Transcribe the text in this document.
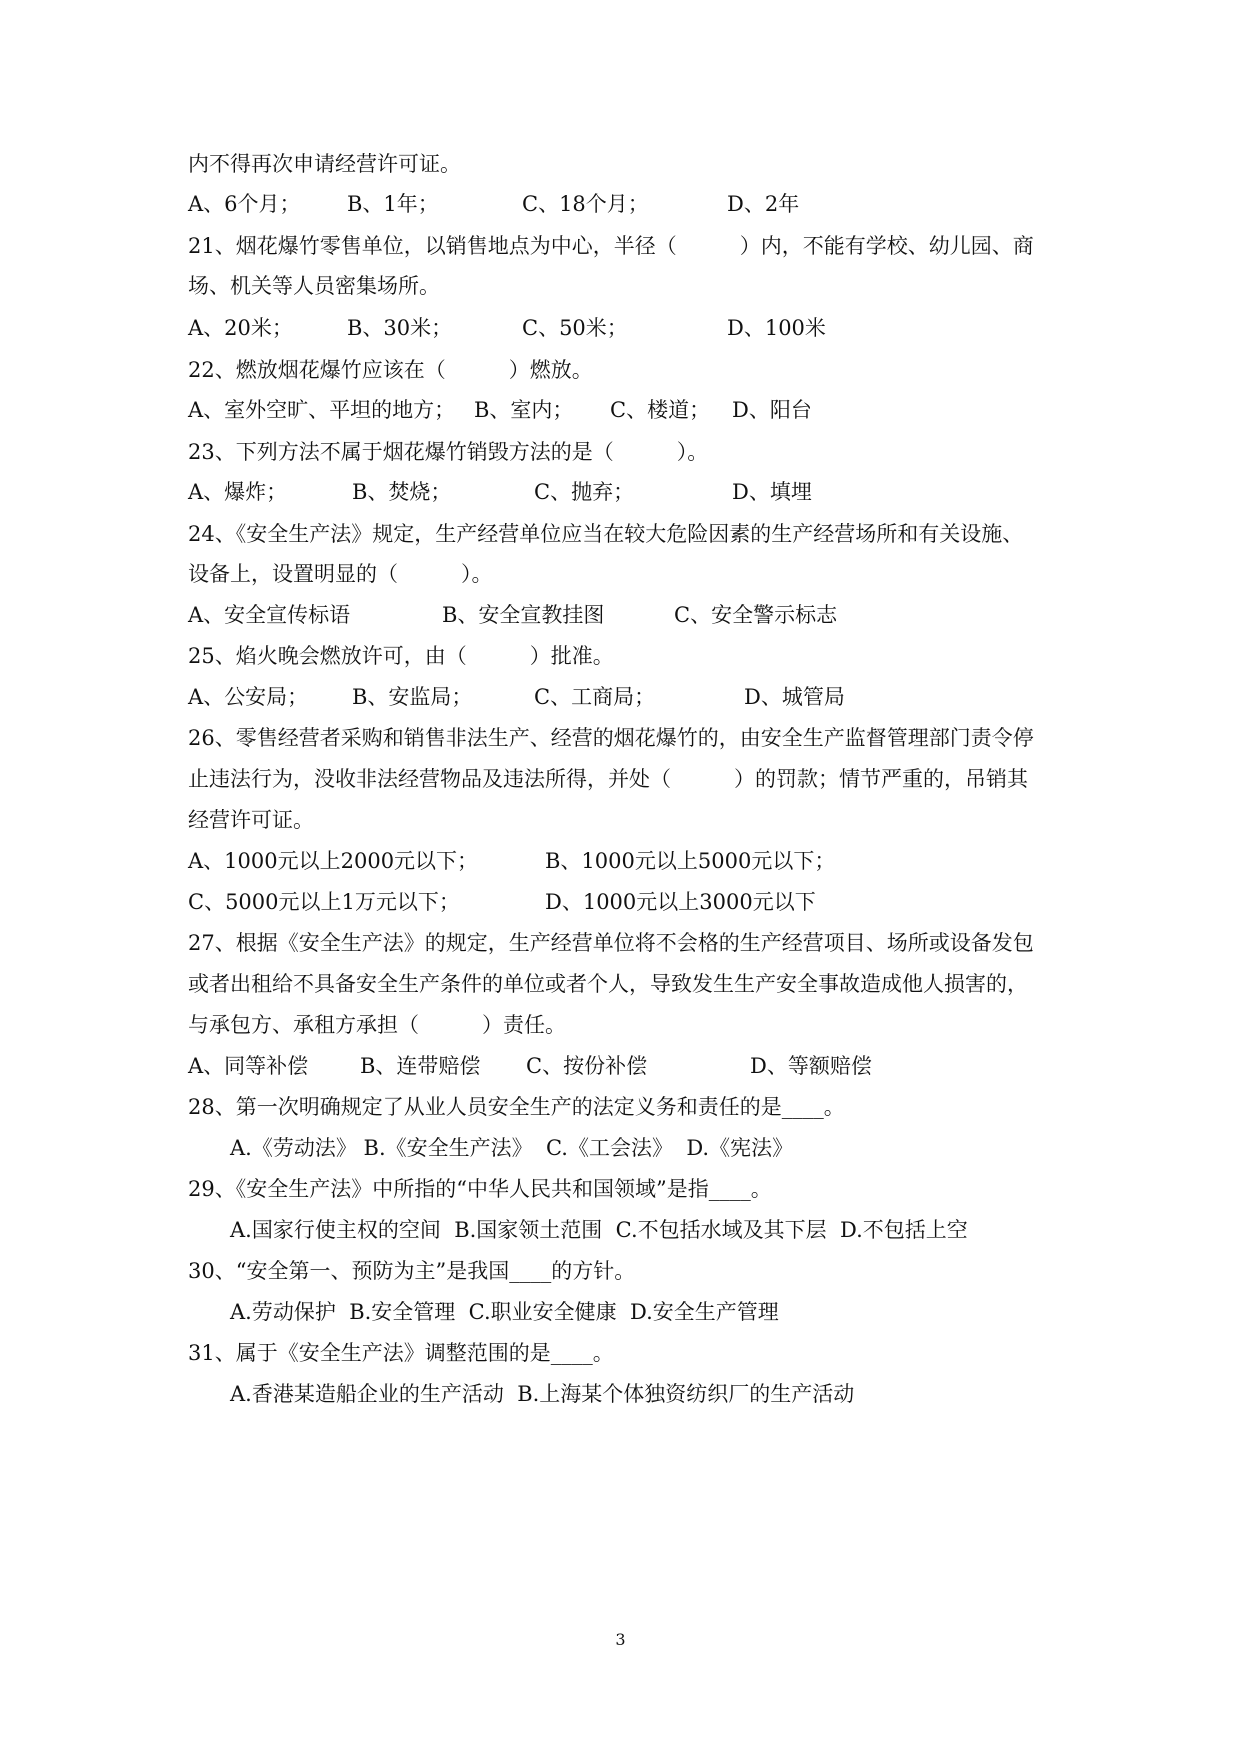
内不得再次申请经营许可证。
A、6个月； B、1年；	C、18个月；	D、2年
21、烟花爆竹零售单位，以销售地点为中心，半径（　　　）内，不能有学校、幼儿园、商
场、机关等人员密集场所。
A、20米；	B、30米；	C、50米；	D、100米
22、燃放烟花爆竹应该在（　　　）燃放。
A、室外空旷、平坦的地方； B、室内； C、楼道； D、阳台
23、下列方法不属于烟花爆竹销毁方法的是（　　　）。
A、爆炸；	B、焚烧；	C、抛弃；	D、填埋
24、《安全生产法》规定，生产经营单位应当在较大危险因素的生产经营场所和有关设施、
设备上，设置明显的（　　　）。
A、安全宣传标语	B、安全宣教挂图	C、安全警示标志
25、焰火晚会燃放许可，由（　　　）批准。
A、公安局； B、安监局；	C、工商局；	D、城管局
26、零售经营者采购和销售非法生产、经营的烟花爆竹的，由安全生产监督管理部门责令停
止违法行为，没收非法经营物品及违法所得，并处（　　　）的罚款；情节严重的，吊销其
经营许可证。
A、1000元以上2000元以下；	B、1000元以上5000元以下；
C、5000元以上1万元以下；	D、1000元以上3000元以下
27、根据《安全生产法》的规定，生产经营单位将不会格的生产经营项目、场所或设备发包
或者出租给不具备安全生产条件的单位或者个人，导致发生生产安全事故造成他人损害的，
与承包方、承租方承担（　　　）责任。
A、同等补偿 B、连带赔偿 C、按份补偿	D、等额赔偿
28、第一次明确规定了从业人员安全生产的法定义务和责任的是____。
A.《劳动法》 B.《安全生产法》  C.《工会法》  D.《宪法》
29、《安全生产法》中所指的“中华人民共和国领域”是指____。
A.国家行使主权的空间  B.国家领土范围  C.不包括水域及其下层  D.不包括上空
30、“安全第一、预防为主”是我国____的方针。
A.劳动保护  B.安全管理  C.职业安全健康  D.安全生产管理
31、属于《安全生产法》调整范围的是____。
A.香港某造船企业的生产活动  B.上海某个体独资纺织厂的生产活动
3
